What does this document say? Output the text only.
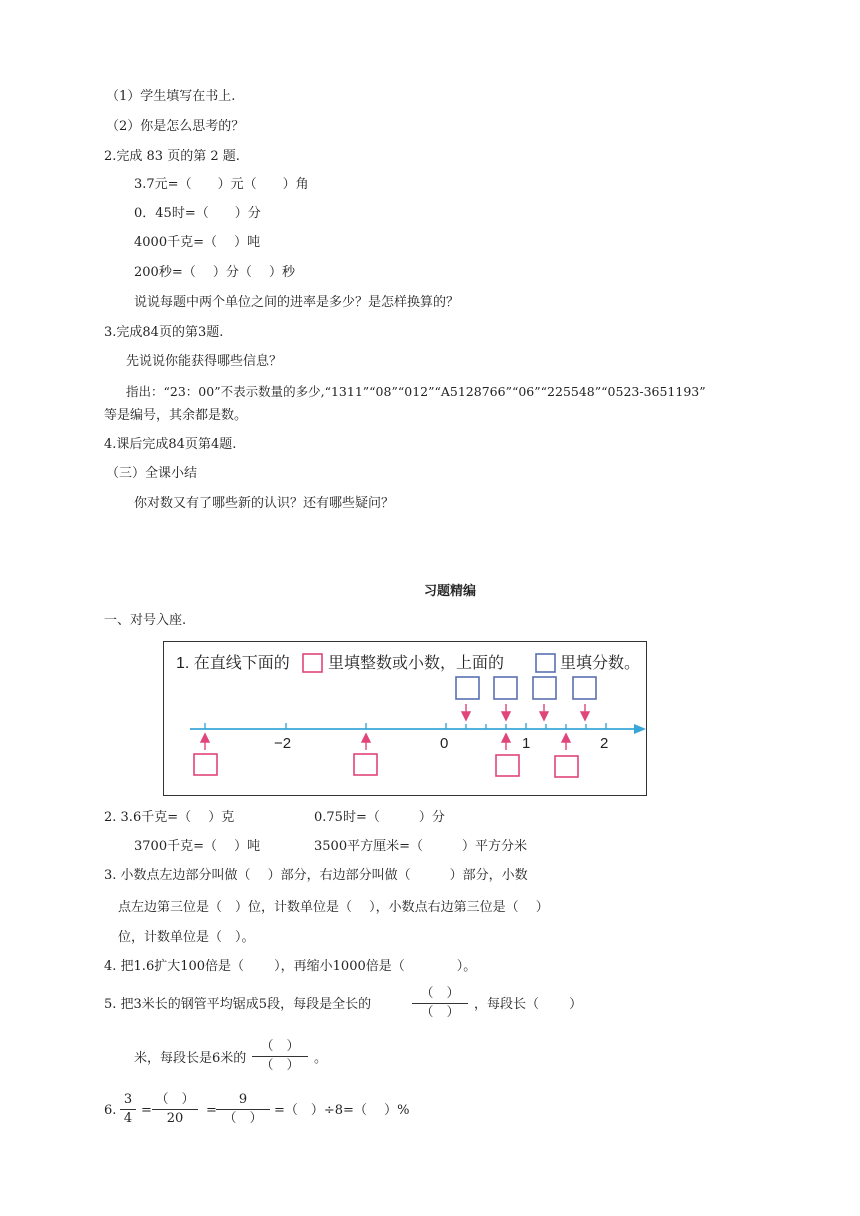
（1）学生填写在书上.
（2）你是怎么思考的？
2.完成 83 页的第 2 题.
3.7元=（　　）元（　　）角
0．45时=（　　）分
4000千克=（　 ）吨
200秒=（　 ）分（　 ）秒
说说每题中两个单位之间的进率是多少？是怎样换算的？
3.完成84页的第3题.
先说说你能获得哪些信息？
指出：“23：00”不表示数量的多少,“1311”“08”“012”“A5128766”“06”“225548”“0523-3651193”
等是编号，其余都是数。
4.课后完成84页第4题.
（三）全课小结
你对数又有了哪些新的认识？还有哪些疑问？
习题精编
一、对号入座.
1. 在直线下面的 里填整数或小数，上面的	里填分数。
−2	0	1	2
2. 3.6千克=（　 ）克	0.75时=（　　　）分
3700千克=（　 ）吨	3500平方厘米=（　　　）平方分米
3. 小数点左边部分叫做（　 ）部分，右边部分叫做（　　　）部分，小数
点左边第三位是（　）位，计数单位是（　 ），小数点右边第三位是（　 ）
位，计数单位是（　）。
4. 把1.6扩大100倍是（　　 ），再缩小1000倍是（　　　　）。
5. 把3米长的钢管平均锯成5段，每段是全长的
（　）
（　）
，每段长（　　 ）
米，每段长是6米的
（　）
（　）	。
6.
3
4
=
（　）
20
=
9
（　）
=（　）÷8=（　 ）%
